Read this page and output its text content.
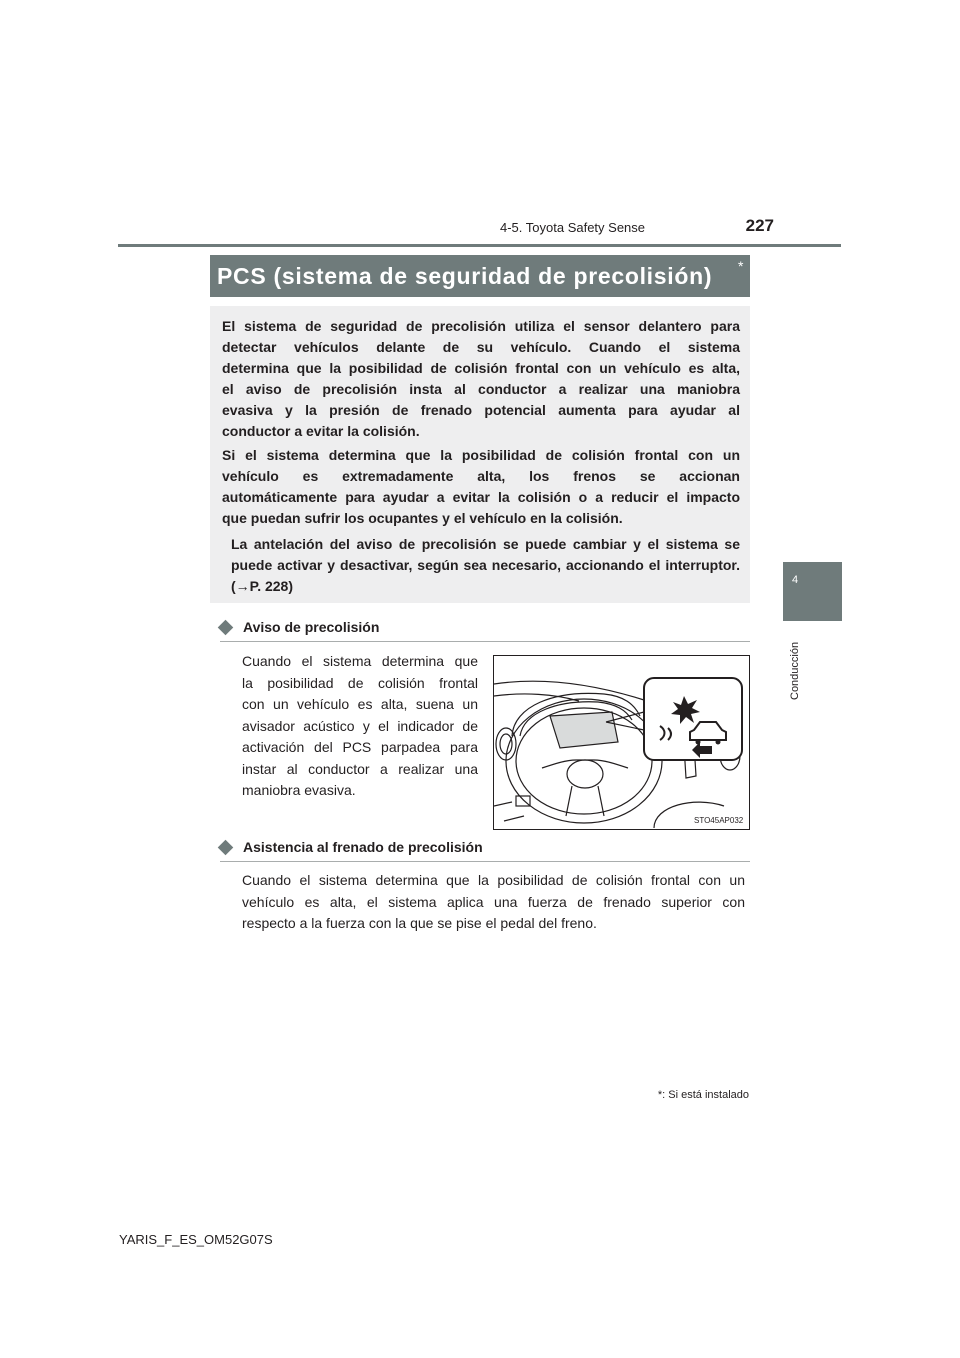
4-5. Toyota Safety Sense	227
4
Conducción
PCS (sistema de seguridad de precolisión) *
El sistema de seguridad de precolisión utiliza el sensor delantero para
detectar vehículos delante de su vehículo. Cuando el sistema
determina que la posibilidad de colisión frontal con un vehículo es alta,
el aviso de precolisión insta al conductor a realizar una maniobra
evasiva y la presión de frenado potencial aumenta para ayudar al
conductor a evitar la colisión.
Si el sistema determina que la posibilidad de colisión frontal con un
vehículo es extremadamente alta, los frenos se accionan
automáticamente para ayudar a evitar la colisión o a reducir el impacto
que puedan sufrir los ocupantes y el vehículo en la colisión.
La antelación del aviso de precolisión se puede cambiar y el sistema se
puede activar y desactivar, según sea necesario, accionando el interruptor.
(→P. 228)
Aviso de precolisión
Cuando el sistema determina que
la posibilidad de colisión frontal
con un vehículo es alta, suena un
avisador acústico y el indicador de
activación del PCS parpadea para
instar al conductor a realizar una
maniobra evasiva.
STO45AP032
Asistencia al frenado de precolisión
Cuando el sistema determina que la posibilidad de colisión frontal con un
vehículo es alta, el sistema aplica una fuerza de frenado superior con
respecto a la fuerza con la que se pise el pedal del freno.
*: Si está instalado
YARIS_F_ES_OM52G07S
